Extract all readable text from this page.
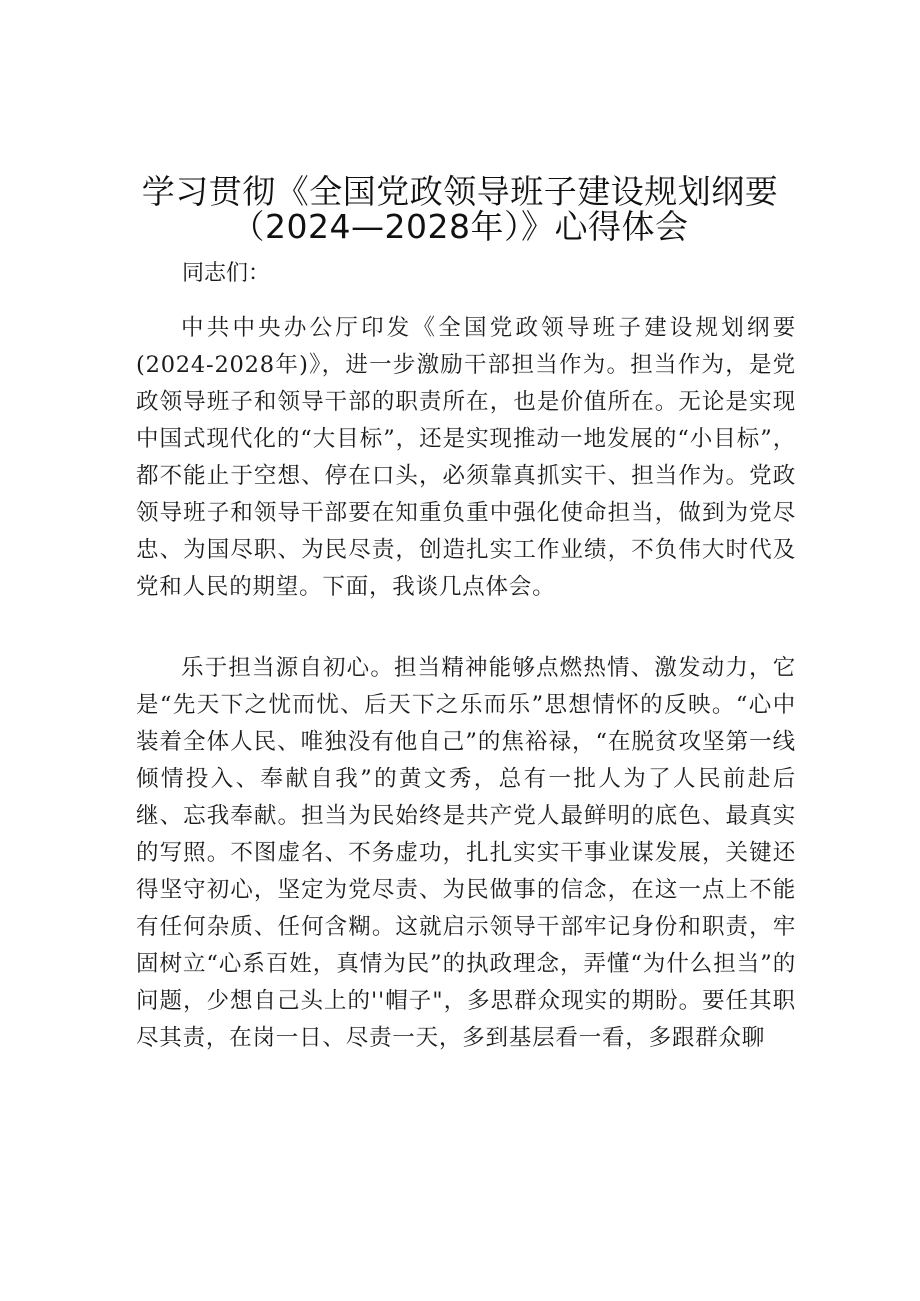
学习贯彻《全国党政领导班子建设规划纲要
（2024—2028年）》心得体会

同志们：

中共中央办公厅印发《全国党政领导班子建设规划纲要(2024-2028年)》，进一步激励干部担当作为。担当作为，是党政领导班子和领导干部的职责所在，也是价值所在。无论是实现中国式现代化的“大目标”，还是实现推动一地发展的“小目标”，都不能止于空想、停在口头，必须靠真抓实干、担当作为。党政领导班子和领导干部要在知重负重中强化使命担当，做到为党尽忠、为国尽职、为民尽责，创造扎实工作业绩，不负伟大时代及党和人民的期望。下面，我谈几点体会。

乐于担当源自初心。担当精神能够点燃热情、激发动力，它是“先天下之忧而忧、后天下之乐而乐”思想情怀的反映。“心中装着全体人民、唯独没有他自己”的焦裕禄，“在脱贫攻坚第一线倾情投入、奉献自我”的黄文秀，总有一批人为了人民前赴后继、忘我奉献。担当为民始终是共产党人最鲜明的底色、最真实的写照。不图虚名、不务虚功，扎扎实实干事业谋发展，关键还得坚守初心，坚定为党尽责、为民做事的信念，在这一点上不能有任何杂质、任何含糊。这就启示领导干部牢记身份和职责，牢固树立“心系百姓，真情为民”的执政理念，弄懂“为什么担当”的问题，少想自己头上的''帽子"，多思群众现实的期盼。要任其职尽其责，在岗一日、尽责一天，多到基层看一看，多跟群众聊
